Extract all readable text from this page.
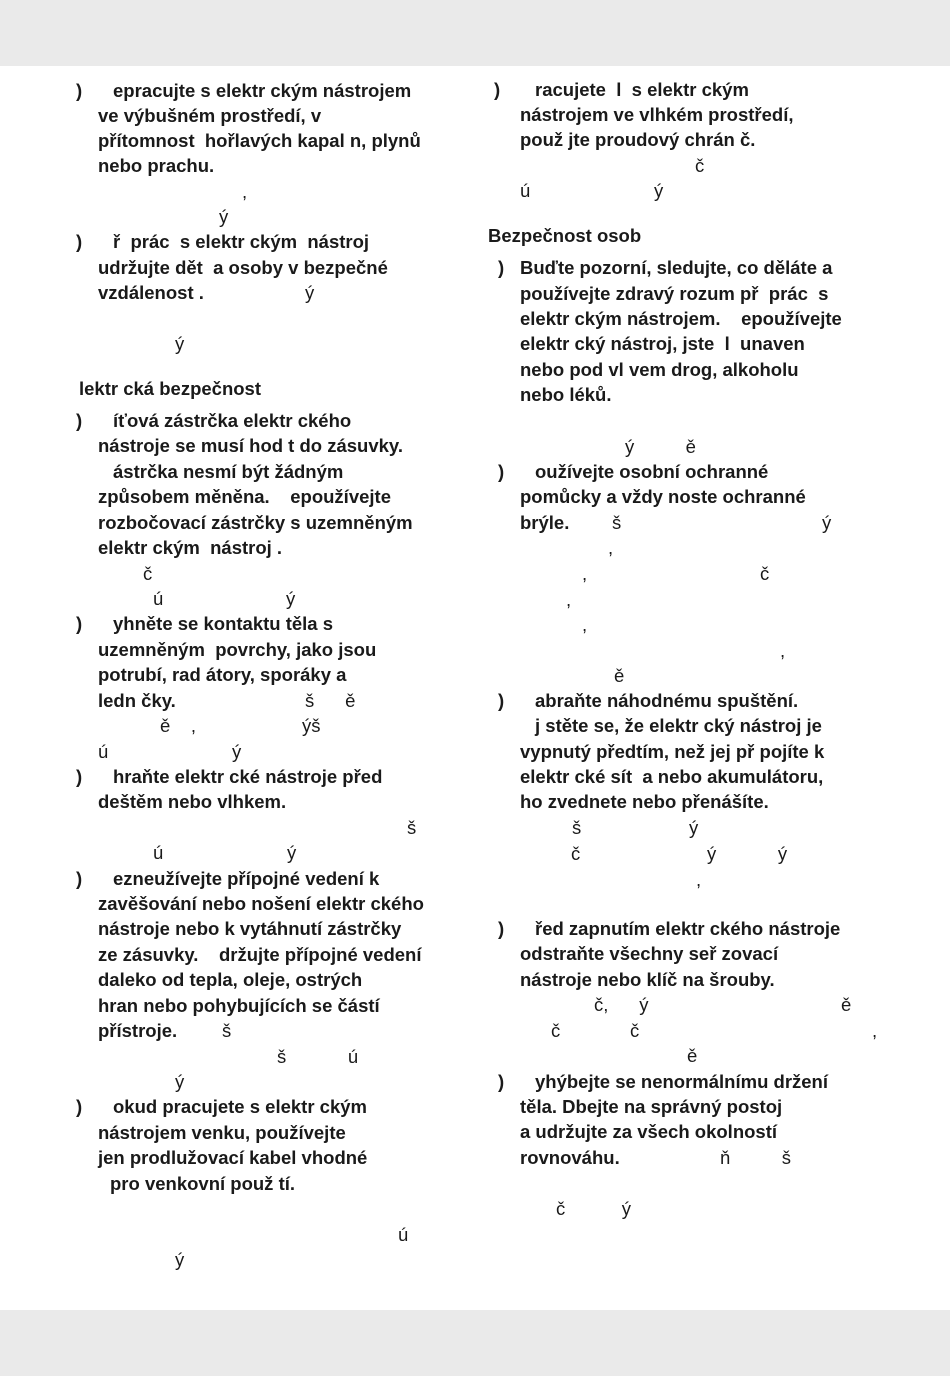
) epracujte s elektr ckým nástrojem
ve výbušném prostředí, v
přítomnost  hořlavých kapal n, plynů
nebo prachu.
,
ý
) ř  prác  s elektr ckým  nástroj
udržujte dět  a osoby v bezpečné
vzdálenost .	ý
ý
lektr cká bezpečnost
) íťová zástrčka elektr ckého
nástroje se musí hod t do zásuvky.
ástrčka nesmí být žádným
způsobem měněna.    epoužívejte
rozbočovací zástrčky s uzemněným
elektr ckým  nástroj .
č
ú	ý
) yhněte se kontaktu těla s
uzemněným  povrchy, jako jsou
potrubí, rad átory, sporáky a
ledn čky.	š      ě
ě    ,	ýš
ú	ý
) hraňte elektr cké nástroje před
deštěm nebo vlhkem.
š
ú	ý
) ezneužívejte přípojné vedení k
zavěšování nebo nošení elektr ckého
nástroje nebo k vytáhnutí zástrčky
ze zásuvky.    držujte přípojné vedení
daleko od tepla, oleje, ostrých
hran nebo pohybujících se částí
přístroje. š
š            ú
ý
) okud pracujete s elektr ckým
nástrojem venku, používejte
jen prodlužovací kabel vhodné
pro venkovní použ tí.
ú
ý
) racujete  l  s elektr ckým
nástrojem ve vlhkém prostředí,
použ jte proudový chrán č.
č
ú	ý
Bezpečnost osob
) Buďte pozorní, sledujte, co děláte a
používejte zdravý rozum př  prác  s
elektr ckým nástrojem.    epoužívejte
elektr cký nástroj, jste  l  unaven
nebo pod vl vem drog, alkoholu
nebo léků.
ý          ě
) oužívejte osobní ochranné
pomůcky a vždy noste ochranné
brýle. š	ý
,
,	č
,
,
,
ě
) abraňte náhodnému spuštění.
j stěte se, že elektr cký nástroj je
vypnutý předtím, než jej př pojíte k
elektr cké sít  a nebo akumulátoru,
ho zvednete nebo přenášíte.
š	ý
č	ý            ý
,
) řed zapnutím elektr ckého nástroje
odstraňte všechny seř zovací
nástroje nebo klíč na šrouby.
č,      ý	ě
č	č	,
ě
) yhýbejte se nenormálnímu držení
těla. Dbejte na správný postoj
a udržujte za všech okolností
rovnováhu.	ň          š
č           ý
